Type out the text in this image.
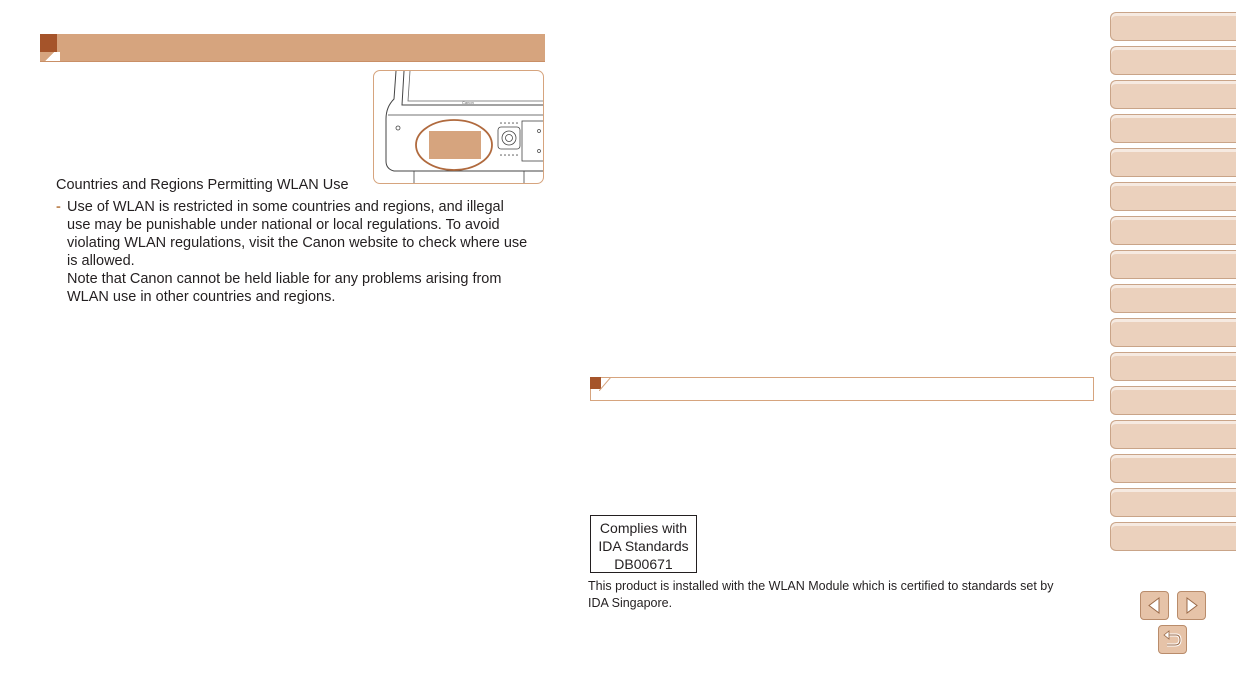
Canon
Countries and Regions Permitting WLAN Use
- Use of WLAN is restricted in some countries and regions, and illegal

use may be punishable under national or local regulations. To avoid

violating WLAN regulations, visit the Canon website to check where use

is allowed.

Note that Canon cannot be held liable for any problems arising from

WLAN use in other countries and regions.

Complies with
IDA Standards
DB00671
This product is installed with the WLAN Module which is certified to standards set by
IDA Singapore.
